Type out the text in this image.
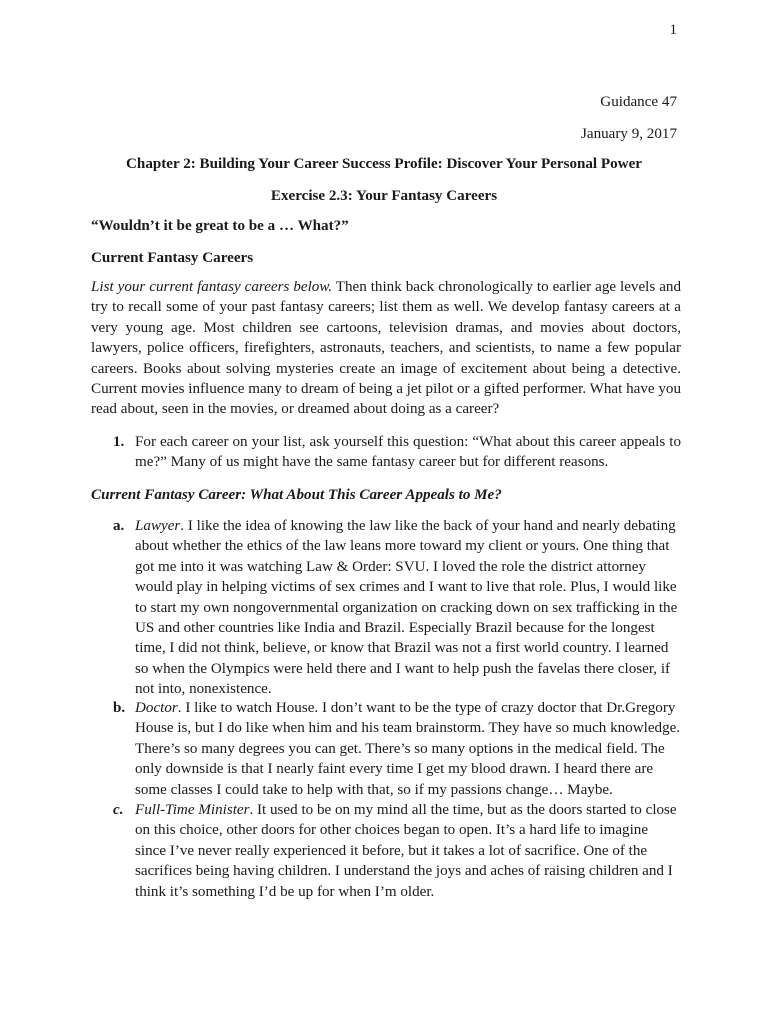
1
Guidance 47
January 9, 2017
Chapter 2: Building Your Career Success Profile: Discover Your Personal Power
Exercise 2.3: Your Fantasy Careers
“Wouldn’t it be great to be a … What?”
Current Fantasy Careers
List your current fantasy careers below. Then think back chronologically to earlier age levels and try to recall some of your past fantasy careers; list them as well. We develop fantasy careers at a very young age. Most children see cartoons, television dramas, and movies about doctors, lawyers, police officers, firefighters, astronauts, teachers, and scientists, to name a few popular careers. Books about solving mysteries create an image of excitement about being a detective. Current movies influence many to dream of being a jet pilot or a gifted performer. What have you read about, seen in the movies, or dreamed about doing as a career?
1. For each career on your list, ask yourself this question: “What about this career appeals to me?” Many of us might have the same fantasy career but for different reasons.
Current Fantasy Career: What About This Career Appeals to Me?
a. Lawyer. I like the idea of knowing the law like the back of your hand and nearly debating about whether the ethics of the law leans more toward my client or yours. One thing that got me into it was watching Law & Order: SVU. I loved the role the district attorney would play in helping victims of sex crimes and I want to live that role. Plus, I would like to start my own nongovernmental organization on cracking down on sex trafficking in the US and other countries like India and Brazil. Especially Brazil because for the longest time, I did not think, believe, or know that Brazil was not a first world country. I learned so when the Olympics were held there and I want to help push the favelas there closer, if not into, nonexistence.
b. Doctor. I like to watch House. I don’t want to be the type of crazy doctor that Dr.Gregory House is, but I do like when him and his team brainstorm. They have so much knowledge. There’s so many degrees you can get. There’s so many options in the medical field. The only downside is that I nearly faint every time I get my blood drawn. I heard there are some classes I could take to help with that, so if my passions change… Maybe.
c. Full-Time Minister. It used to be on my mind all the time, but as the doors started to close on this choice, other doors for other choices began to open. It’s a hard life to imagine since I’ve never really experienced it before, but it takes a lot of sacrifice. One of the sacrifices being having children. I understand the joys and aches of raising children and I think it’s something I’d be up for when I’m older.
